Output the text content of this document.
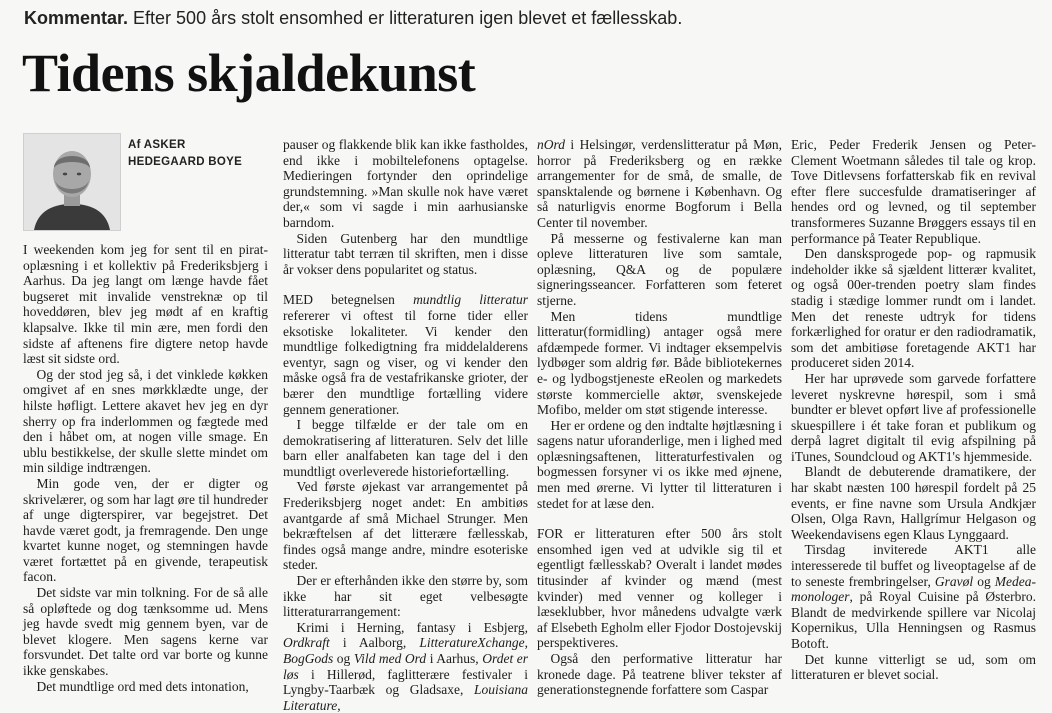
Kommentar. Efter 500 års stolt ensomhed er litteraturen igen blevet et fællesskab.
Tidens skjaldekunst
Af ASKER HEDEGAARD BOYE

I weekenden kom jeg for sent til en pirat-oplæsning i et kollektiv på Frederiksbjerg i Aarhus. Da jeg langt om længe havde fået bugseret mit invalide venstreknæ op til hoveddøren, blev jeg mødt af en kraftig klapsalve. Ikke til min ære, men fordi den sidste af aftenens fire digtere netop havde læst sit sidste ord.

Og der stod jeg så, i det vinklede køkken omgivet af en snes mørkklædte unge, der hilste høfligt. Lettere akavet hev jeg en dyr sherry op fra inderlommen og fægtede med den i håbet om, at nogen ville smage. En ublu bestikkelse, der skulle slette mindet om min sildige indtrængen.

Min gode ven, der er digter og skrivelærer, og som har lagt øre til hundreder af unge digterspirer, var begejstret. Det havde været godt, ja fremragende. Den unge kvartet kunne noget, og stemningen havde været fortættet på en givende, terapeutisk facon.

Det sidste var min tolkning. For de så alle så opløftede og dog tænksomme ud. Mens jeg havde svedt mig gennem byen, var de blevet klogere. Men sagens kerne var forsvundet. Det talte ord var borte og kunne ikke genskabes.

Det mundtlige ord med dets intonation,

pauser og flakkende blik kan ikke fastholdes, end ikke i mobiltelefonens optagelse. Medieringen fortynder den oprindelige grundstemning. »Man skulle nok have været der,« som vi sagde i min aarhusianske barndom.

Siden Gutenberg har den mundtlige litteratur tabt terræn til skriften, men i disse år vokser dens popularitet og status.

MED betegnelsen mundtlig litteratur refererer vi oftest til forne tider eller eksotiske lokaliteter. Vi kender den mundtlige folkedigtning fra middelalderens eventyr, sagn og viser, og vi kender den måske også fra de vestafrikanske grioter, der bærer den mundtlige fortælling videre gennem generationer.

I begge tilfælde er der tale om en demokratisering af litteraturen. Selv det lille barn eller analfabeten kan tage del i den mundtligt overleverede historiefortælling.

Ved første øjekast var arrangementet på Frederiksbjerg noget andet: En ambitiøs avantgarde af små Michael Strunger. Men bekræftelsen af det litterære fællesskab, findes også mange andre, mindre esoteriske steder.

Der er efterhånden ikke den større by, som ikke har sit eget velbesøgte litteraturarrangement:

Krimi i Herning, fantasy i Esbjerg, Ordkraft i Aalborg, LitteratureXchange, BogGods og Vild med Ord i Aarhus, Ordet er løs i Hillerød, faglitterære festivaler i Lyngby-Taarbæk og Gladsaxe, Louisiana Literature,

nOrd i Helsingør, verdenslitteratur på Møn, horror på Frederiksberg og en række arrangementer for de små, de smalle, de spansktalende og børnene i København. Og så naturligvis enorme Bogforum i Bella Center til november.

På messerne og festivalerne kan man opleve litteraturen live som samtale, oplæsning, Q&A og de populære signeringsseancer. Forfatteren som feteret stjerne.

Men tidens mundtlige litteratur(formidling) antager også mere afdæmpede former. Vi indtager eksempelvis lydbøger som aldrig før. Både bibliotekernes e- og lydbogstjeneste eReolen og markedets største kommercielle aktør, svenskejede Mofibo, melder om støt stigende interesse.

Her er ordene og den indtalte højtlæsning i sagens natur uforanderlige, men i lighed med oplæsningsaftenen, litteraturfestivalen og bogmessen forsyner vi os ikke med øjnene, men med ørerne. Vi lytter til litteraturen i stedet for at læse den.

FOR er litteraturen efter 500 års stolt ensomhed igen ved at udvikle sig til et egentligt fællesskab? Overalt i landet mødes titusinder af kvinder og mænd (mest kvinder) med venner og kolleger i læseklubber, hvor månedens udvalgte værk af Elsebeth Egholm eller Fjodor Dostojevskij perspektiveres.

Også den performative litteratur har kronede dage. På teatrene bliver tekster af generationstegnende forfattere som Caspar

Eric, Peder Frederik Jensen og Peter-Clement Woetmann således til tale og krop. Tove Ditlevsens forfatterskab fik en revival efter flere succesfulde dramatiseringer af hendes ord og levned, og til september transformeres Suzanne Brøggers essays til en performance på Teater Republique.

Den dansksprogede pop- og rapmusik indeholder ikke så sjældent litterær kvalitet, og også 00er-trenden poetry slam findes stadig i stædige lommer rundt om i landet. Men det reneste udtryk for tidens forkærlighed for oratur er den radiodramatik, som det ambitiøse foretagende AKT1 har produceret siden 2014.

Her har uprøvede som garvede forfattere leveret nyskrevne hørespil, som i små bundter er blevet opført live af professionelle skuespillere i ét take foran et publikum og derpå lagret digitalt til evig afspilning på iTunes, Soundcloud og AKT1's hjemmeside.

Blandt de debuterende dramatikere, der har skabt næsten 100 hørespil fordelt på 25 events, er fine navne som Ursula Andkjær Olsen, Olga Ravn, Hallgrímur Helgason og Weekendavisens egen Klaus Lynggaard.

Tirsdag inviterede AKT1 alle interesserede til buffet og liveoptagelse af de to seneste frembringelser, Gravøl og Medea-monologer, på Royal Cuisine på Østerbro. Blandt de medvirkende spillere var Nicolaj Kopernikus, Ulla Henningsen og Rasmus Botoft.

Det kunne vitterligt se ud, som om litteraturen er blevet social.
